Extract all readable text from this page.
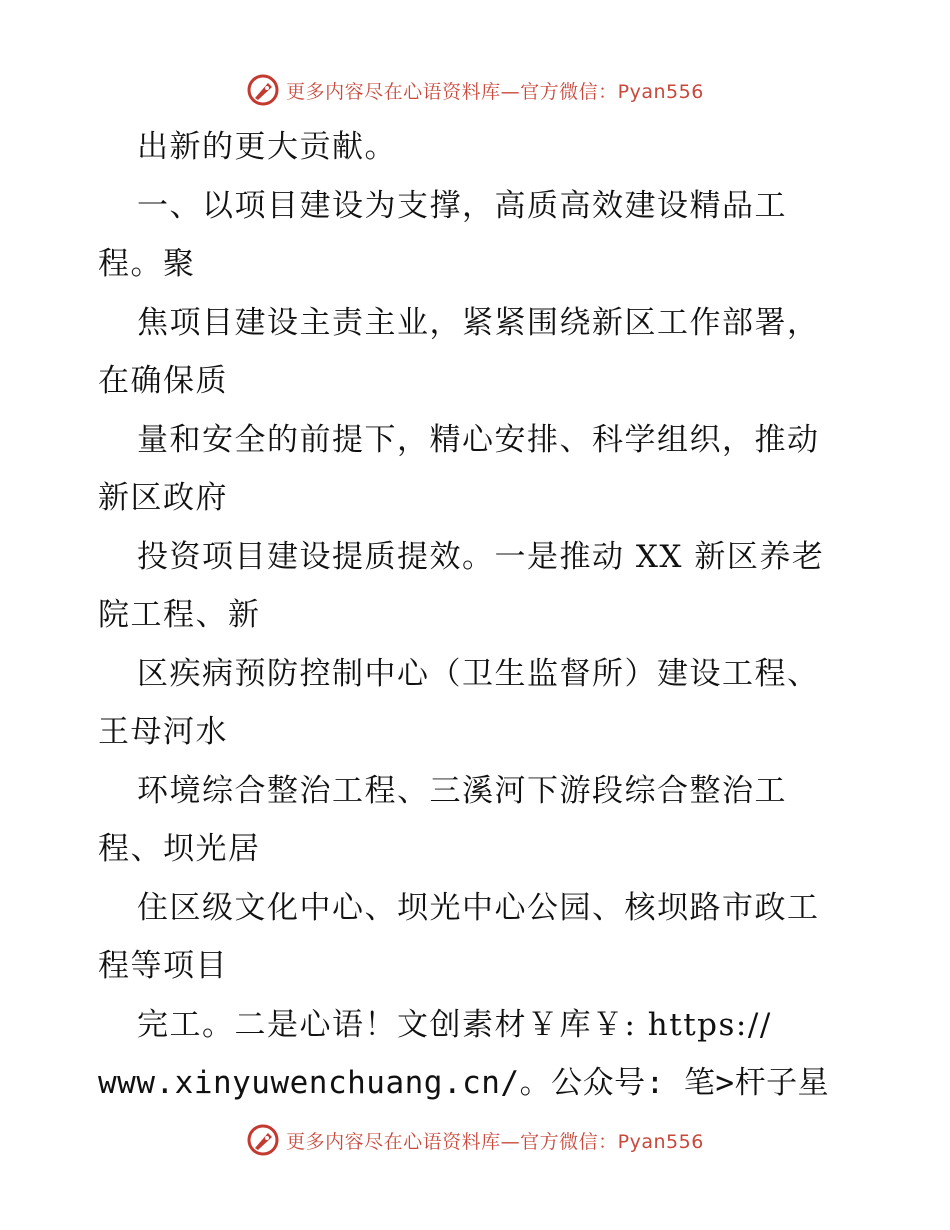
更多内容尽在心语资料库—官方微信：Pyan556
出新的更大贡献。
一、以项目建设为支撑，高质高效建设精品工
程。聚
焦项目建设主责主业，紧紧围绕新区工作部署，
在确保质
量和安全的前提下，精心安排、科学组织，推动
新区政府
投资项目建设提质提效。一是推动 XX 新区养老
院工程、新
区疾病预防控制中心（卫生监督所）建设工程、
王母河水
环境综合整治工程、三溪河下游段综合整治工
程、坝光居
住区级文化中心、坝光中心公园、核坝路市政工
程等项目
完工。二是心语！文创素材￥库￥: https://
www.xinyuwenchuang.cn/。公众号: 笔>杆子星
更多内容尽在心语资料库—官方微信：Pyan556
